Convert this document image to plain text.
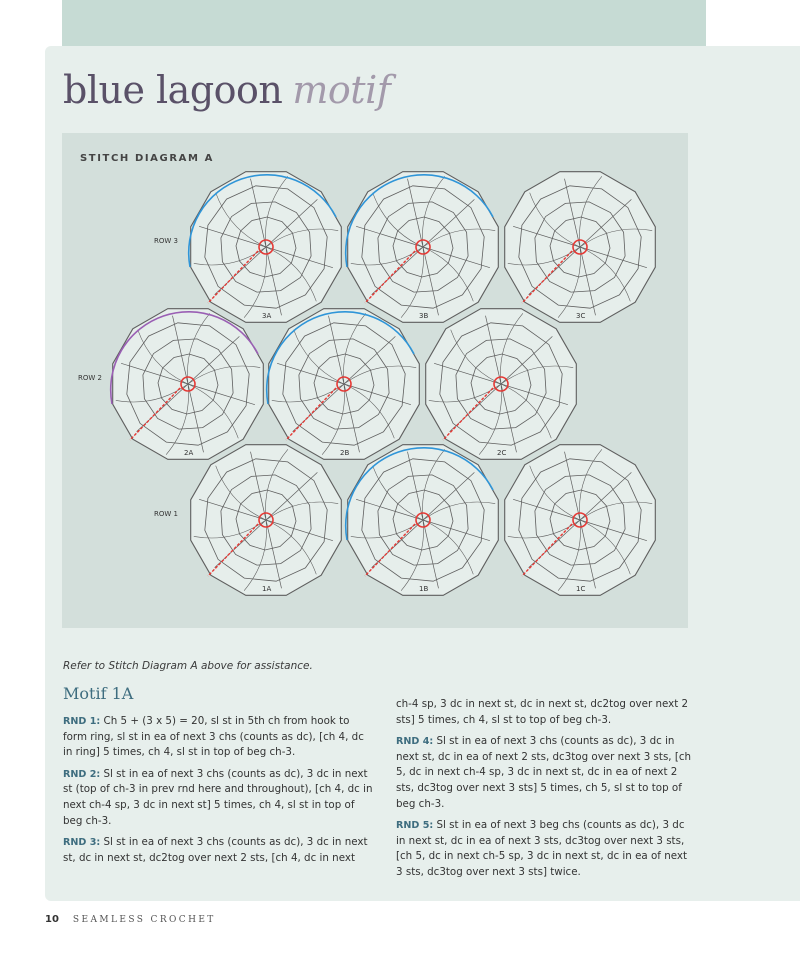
blue lagoon motif
3A	3B	3C
2A	2B	2C
1A	1B	1C
ROW 3
ROW 2
ROW 1
STITCH DIAGRAM A
Refer to Stitch Diagram A above for assistance.
Motif 1A

RND 1: Ch 5 + (3 x 5) = 20, sl st in 5th ch from hook to form ring, sl st in ea of next 3 chs (counts as dc), [ch 4, dc in ring] 5 times, ch 4, sl st in top of beg ch-3.

RND 2: Sl st in ea of next 3 chs (counts as dc), 3 dc in next st (top of ch-3 in prev rnd here and throughout), [ch 4, dc in next ch-4 sp, 3 dc in next st] 5 times, ch 4, sl st in top of beg ch-3.

RND 3: Sl st in ea of next 3 chs (counts as dc), 3 dc in next st, dc in next st, dc2tog over next 2 sts, [ch 4, dc in next

ch-4 sp, 3 dc in next st, dc in next st, dc2tog over next 2 sts] 5 times, ch 4, sl st to top of beg ch-3.

RND 4: Sl st in ea of next 3 chs (counts as dc), 3 dc in next st, dc in ea of next 2 sts, dc3tog over next 3 sts, [ch 5, dc in next ch-4 sp, 3 dc in next st, dc in ea of next 2 sts, dc3tog over next 3 sts] 5 times, ch 5, sl st to top of beg ch-3.

RND 5: Sl st in ea of next 3 beg chs (counts as dc), 3 dc in next st, dc in ea of next 3 sts, dc3tog over next 3 sts, [ch 5, dc in next ch-5 sp, 3 dc in next st, dc in ea of next 3 sts, dc3tog over next 3 sts] twice.

10 SEAMLESS CROCHET
